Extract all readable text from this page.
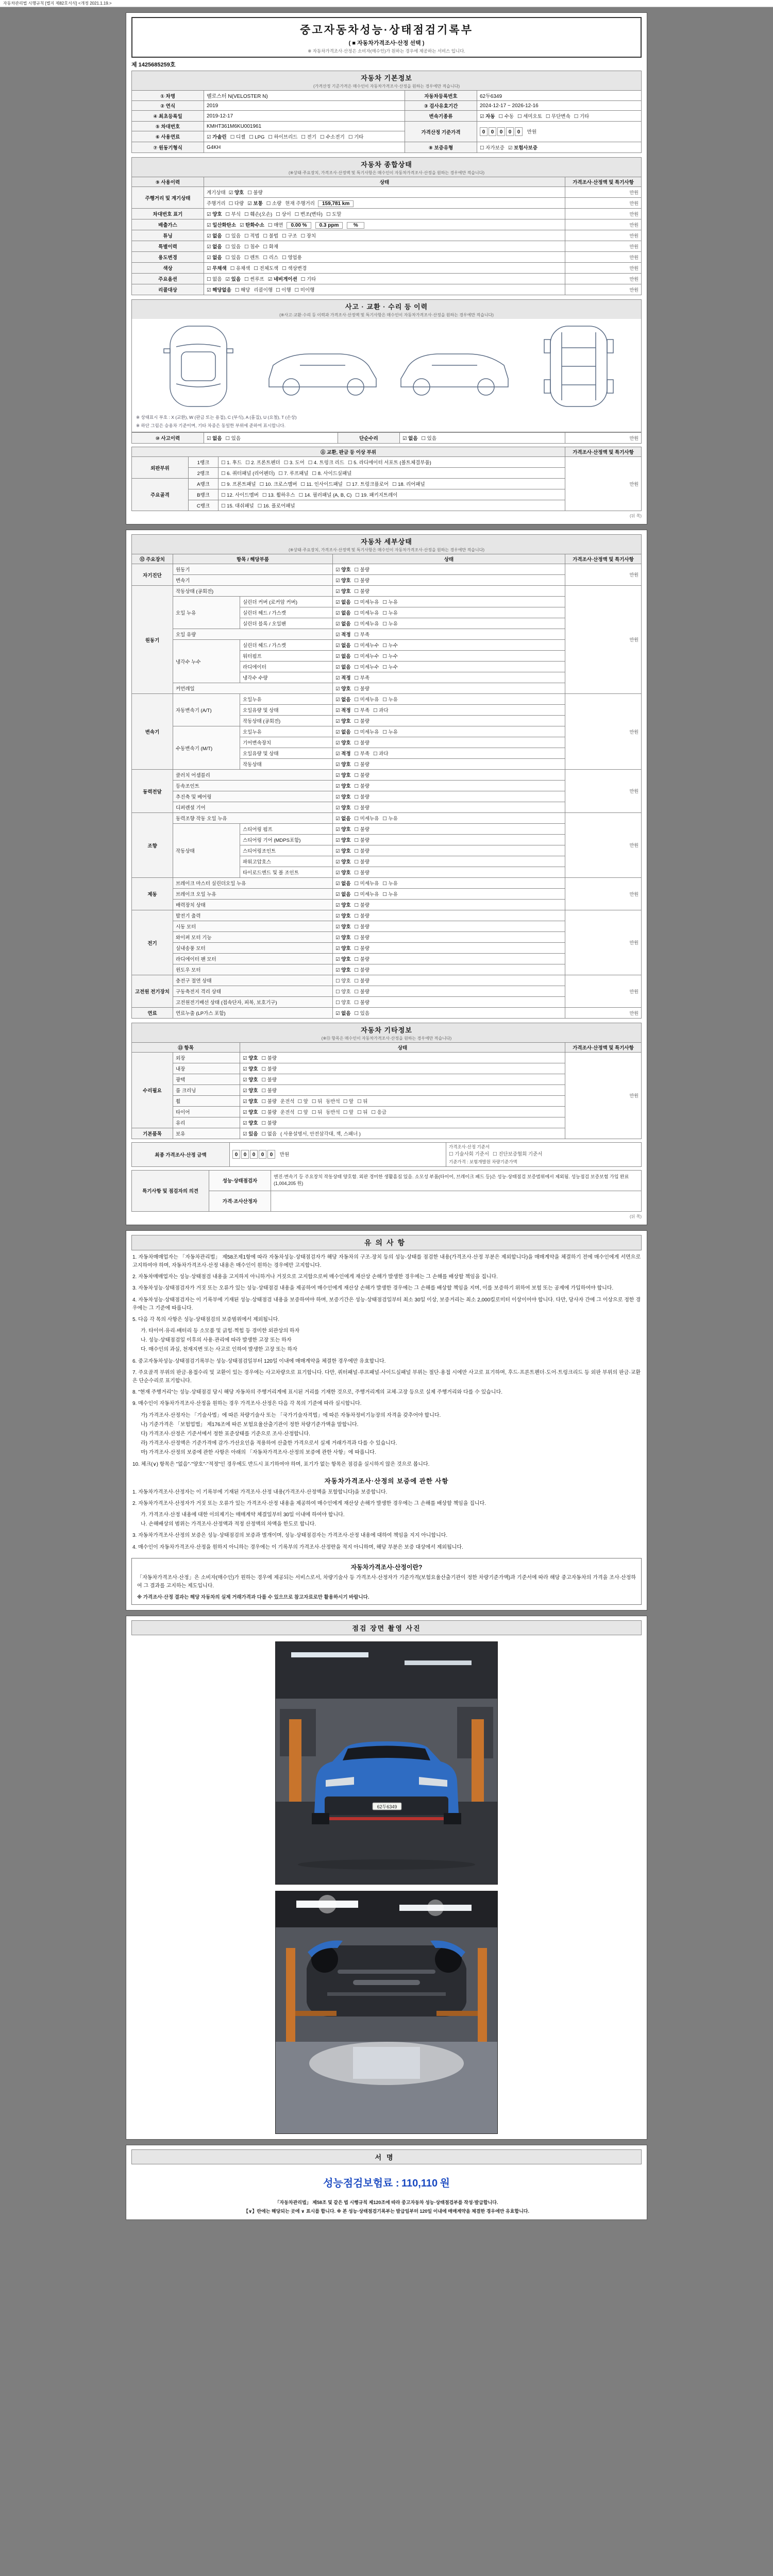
자동차관리법 시행규칙 [별지 제82호서식] <개정 2021.1.19.>
중고자동차성능·상태점검기록부
( ■ 자동차가격조사·산정 선택 )
※ 자동차가격조사·산정은 소비자(매수인)가 원하는 경우에 제공하는 서비스 입니다.
제 1425685259호
자동차 기본정보
(가격산정 기준가격은 매수인이 자동차가격조사·산정을 원하는 경우에만 적습니다)
① 차명	벨로스터 N(VELOSTER N)	자동차등록번호	62두6349
② 연식	2019	③ 검사유효기간	2024-12-17 ~ 2026-12-16
④ 최초등록일	2019-12-17	변속기종류	☑ 자동 ☐ 수동 ☐ 세미오토 ☐ 무단변속 ☐ 기타
⑤ 차대번호	KMHT361M6KU001961	가격산정 기준가격	0 0 0 0 0 만원
⑥ 사용연료	☑ 가솔린 ☐ 디젤 ☐ LPG ☐ 하이브리드 ☐ 전기 ☐ 수소전기 ☐ 기타		
⑦ 원동기형식	G4KH	⑧ 보증유형	☐ 자가보증 ☑ 보험사보증
자동차 종합상태
(※상태·주요장치, 가격조사·산정액 및 특기사항은 매수인이 자동차가격조사·산정을 원하는 경우에만 적습니다)
⑨ 사용이력	상태	가격조사·산정액 및 특기사항
주행거리 및 계기상태	계기상태 ☑ 양호 ☐ 불량	만원
	주행거리 ☐ 다량 ☑ 보통 ☐ 소량 현재 주행거리 159,781 km	만원
차대번호 표기	☑ 양호 ☐ 부식 ☐ 훼손(오손) ☐ 상이 ☐ 변조(변타) ☐ 도말	만원
배출가스	☑ 일산화탄소 ☑ 탄화수소 ☐ 매연 0.00 % 0.3 ppm %	만원
튜닝	☑ 없음 ☐ 있음 ☐ 적법 ☐ 불법 ☐ 구조 ☐ 장치	만원
특별이력	☑ 없음 ☐ 있음 ☐ 침수 ☐ 화재	만원
용도변경	☑ 없음 ☐ 있음 ☐ 렌트 ☐ 리스 ☐ 영업용	만원
색상	☑ 무채색 ☐ 유채색 ☐ 전체도색 ☐ 색상변경	만원
주요옵션	☐ 없음 ☑ 있음 ☐ 썬루프 ☑ 네비게이션 ☐ 기타	만원
리콜대상	☑ 해당없음 ☐ 해당 리콜이행 ☐ 이행 ☐ 미이행	만원
사고 · 교환 · 수리 등 이력
(※사고·교환·수리 등 이력과 가격조사·산정액 및 특기사항은 매수인이 자동차가격조사·산정을 원하는 경우에만 적습니다)
※ 상태표시 부호 : X (교환), W (판금 또는 용접), C (부식), A (흠집), U (요철), T (손상)
※ 하단 그림은 승용차 기준이며, 기타 차종은 동일한 부위에 준하여 표시합니다.
⑩ 사고이력	☑ 없음 ☐ 있음	단순수리	☑ 없음 ☐ 있음	만원
⑪ 교환, 판금 등 이상 부위			가격조사·산정액 및 특기사항
외판부위	1랭크	☐ 1. 후드 ☐ 2. 프론트펜더 ☐ 3. 도어 ☐ 4. 트렁크 리드 ☐ 5. 라디에이터 서포트 (볼트체결부품)	만원
	2랭크	☐ 6. 쿼터패널 (리어펜더) ☐ 7. 루프패널 ☐ 8. 사이드실패널	
주요골격	A랭크	☐ 9. 프론트패널 ☐ 10. 크로스멤버 ☐ 11. 인사이드패널 ☐ 17. 트렁크플로어 ☐ 18. 리어패널	
	B랭크	☐ 12. 사이드멤버 ☐ 13. 휠하우스 ☐ 14. 필러패널 (A, B, C) ☐ 19. 패키지트레이	
	C랭크	☐ 15. 대쉬패널 ☐ 16. 플로어패널	
(뒤 쪽)
자동차 세부상태
(※상태·주요장치, 가격조사·산정액 및 특기사항은 매수인이 자동차가격조사·산정을 원하는 경우에만 적습니다)
⑫ 주요장치	항목 / 해당부품		상태	가격조사·산정액 및 특기사항
자기진단	원동기		☑ 양호 ☐ 불량	만원
	변속기		☑ 양호 ☐ 불량	
원동기	작동상태 (공회전)		☑ 양호 ☐ 불량	만원
	오일 누유	실린더 커버 (로커암 커버)	☑ 없음 ☐ 미세누유 ☐ 누유	
		실린더 헤드 / 가스켓	☑ 없음 ☐ 미세누유 ☐ 누유	
		실린더 블록 / 오일팬	☑ 없음 ☐ 미세누유 ☐ 누유	
	오일 유량		☑ 적정 ☐ 부족	
	냉각수 누수	실린더 헤드 / 가스켓	☑ 없음 ☐ 미세누수 ☐ 누수	
		워터펌프	☑ 없음 ☐ 미세누수 ☐ 누수	
		라디에이터	☑ 없음 ☐ 미세누수 ☐ 누수	
		냉각수 수량	☑ 적정 ☐ 부족	
	커먼레일		☑ 양호 ☐ 불량	
변속기	자동변속기 (A/T)	오일누유	☑ 없음 ☐ 미세누유 ☐ 누유	만원
		오일유량 및 상태	☑ 적정 ☐ 부족 ☐ 과다	
		작동상태 (공회전)	☑ 양호 ☐ 불량	
	수동변속기 (M/T)	오일누유	☑ 없음 ☐ 미세누유 ☐ 누유	
		기어변속장치	☑ 양호 ☐ 불량	
		오일유량 및 상태	☑ 적정 ☐ 부족 ☐ 과다	
		작동상태	☑ 양호 ☐ 불량	
동력전달	클러치 어셈블리		☑ 양호 ☐ 불량	만원
	등속조인트		☑ 양호 ☐ 불량	
	추진축 및 베어링		☑ 양호 ☐ 불량	
	디퍼렌셜 기어		☑ 양호 ☐ 불량	
조향	동력조향 작동 오일 누유		☑ 없음 ☐ 미세누유 ☐ 누유	만원
	작동상태	스티어링 펌프	☑ 양호 ☐ 불량	
		스티어링 기어 (MDPS포함)	☑ 양호 ☐ 불량	
		스티어링조인트	☑ 양호 ☐ 불량	
		파워고압호스	☑ 양호 ☐ 불량	
		타이로드엔드 및 볼 조인트	☑ 양호 ☐ 불량	
제동	브레이크 마스터 실린더오일 누유		☑ 없음 ☐ 미세누유 ☐ 누유	만원
	브레이크 오일 누유		☑ 없음 ☐ 미세누유 ☐ 누유	
	배력장치 상태		☑ 양호 ☐ 불량	
전기	발전기 출력		☑ 양호 ☐ 불량	만원
	시동 모터		☑ 양호 ☐ 불량	
	와이퍼 모터 기능		☑ 양호 ☐ 불량	
	실내송풍 모터		☑ 양호 ☐ 불량	
	라디에이터 팬 모터		☑ 양호 ☐ 불량	
	윈도우 모터		☑ 양호 ☐ 불량	
고전원 전기장치	충전구 절연 상태		☐ 양호 ☐ 불량	만원
	구동축전지 격리 상태		☐ 양호 ☐ 불량	
	고전원전기배선 상태 (접속단자, 피복, 보호기구)		☐ 양호 ☐ 불량	
연료	연료누출 (LP가스 포함)		☑ 없음 ☐ 있음	만원
자동차 기타정보
(※⑬ 항목은 매수인이 자동차가격조사·산정을 원하는 경우에만 적습니다)
⑬ 항목		상태	가격조사·산정액 및 특기사항
수리필요	외장	☑ 양호 ☐ 불량	만원
	내장	☑ 양호 ☐ 불량	
	광택	☑ 양호 ☐ 불량	
	룸 크리닝	☑ 양호 ☐ 불량	
	휠	☑ 양호 ☐ 불량 운전석 ☐ 앞 ☐ 뒤 동반석 ☐ 앞 ☐ 뒤	
	타이어	☑ 양호 ☐ 불량 운전석 ☐ 앞 ☐ 뒤 동반석 ☐ 앞 ☐ 뒤 ☐ 응급	
	유리	☑ 양호 ☐ 불량	
기본품목	보유	☑ 있음 ☐ 없음 ( 사용설명서, 안전삼각대, 잭, 스패너 )	
최종 가격조사·산정 금액	0 0 0 0 0 만원	
가격조사·산정 기준서
☐ 기술사회 기준서 ☐ 진단보증협회 기준서
기준가격 : 보험개발원 차량기준가액
특기사항 및 점검자의 의견	성능·상태점검자	엔진·변속기 등 주요장치 작동상태 양호함. 외판 경미한 생활흠집 있음. 소모성 부품(타이어, 브레이크 패드 등)은 성능·상태점검 보증범위에서 제외됨. 성능점검 보증보험 가입 완료 (1,004,205 원)
	가격·조사산정자	
(뒤 쪽)
유의사항

1. 자동차매매업자는 「자동차관리법」 제58조제1항에 따라 자동차성능·상태점검자가 해당 자동차의 구조·장치 등의 성능·상태를 점검한 내용(가격조사·산정 부분은 제외합니다)을 매매계약을 체결하기 전에 매수인에게 서면으로 고지하여야 하며, 자동차가격조사·산정 내용은 매수인이 원하는 경우에만 고지합니다.

2. 자동차매매업자는 성능·상태점검 내용을 고지하지 아니하거나 거짓으로 고지함으로써 매수인에게 재산상 손해가 발생한 경우에는 그 손해를 배상할 책임을 집니다.

3. 자동차성능·상태점검자가 거짓 또는 오류가 있는 성능·상태점검 내용을 제공하여 매수인에게 재산상 손해가 발생한 경우에는 그 손해를 배상할 책임을 지며, 이를 보증하기 위하여 보험 또는 공제에 가입하여야 합니다.

4. 자동차성능·상태점검자는 이 기록부에 기재된 성능·상태점검 내용을 보증하여야 하며, 보증기간은 성능·상태점검일부터 최소 30일 이상, 보증거리는 최소 2,000킬로미터 이상이어야 합니다. 다만, 당사자 간에 그 이상으로 정한 경우에는 그 기준에 따릅니다.

5. 다음 각 목의 사항은 성능·상태점검의 보증범위에서 제외됩니다.

가. 타이어·유리·배터리 등 소모품 및 긁힘·찍힘 등 경미한 외관상의 하자

나. 성능·상태점검일 이후의 사용·관리에 따라 발생한 고장 또는 하자

다. 매수인의 과실, 천재지변 또는 사고로 인하여 발생한 고장 또는 하자

6. 중고자동차성능·상태점검기록부는 성능·상태점검일부터 120일 이내에 매매계약을 체결한 경우에만 유효합니다.

7. 주요골격 부위의 판금·용접수리 및 교환이 있는 경우에는 사고차량으로 표기합니다. 다만, 쿼터패널·루프패널·사이드실패널 부위는 절단·용접 시에만 사고로 표기하며, 후드·프론트펜더·도어·트렁크리드 등 외판 부위의 판금·교환은 단순수리로 표기합니다.

8. "현재 주행거리"는 성능·상태점검 당시 해당 자동차의 주행거리계에 표시된 거리를 기재한 것으로, 주행거리계의 교체·고장 등으로 실제 주행거리와 다를 수 있습니다.

9. 매수인이 자동차가격조사·산정을 원하는 경우 가격조사·산정은 다음 각 목의 기준에 따라 실시합니다.

가) 가격조사·산정자는 「기술사법」에 따른 차량기술사 또는 「국가기술자격법」에 따른 자동차정비기능장의 자격을 갖추어야 합니다.

나) 기준가격은 「보험업법」 제176조에 따른 보험요율산출기관이 정한 차량기준가액을 말합니다.

다) 가격조사·산정은 기준서에서 정한 표준상태를 기준으로 조사·산정합니다.

라) 가격조사·산정액은 기준가격에 감가·가산요인을 적용하여 산출한 가격으로서 실제 거래가격과 다를 수 있습니다.

마) 가격조사·산정의 보증에 관한 사항은 아래의 「자동차가격조사·산정의 보증에 관한 사항」에 따릅니다.

10. 체크(∨) 항목은 "없음"·"양호"·"적정"인 경우에도 반드시 표기하여야 하며, 표기가 없는 항목은 점검을 실시하지 않은 것으로 봅니다.

자동차가격조사·산정의 보증에 관한 사항

1. 자동차가격조사·산정자는 이 기록부에 기재된 가격조사·산정 내용(가격조사·산정액을 포함합니다)을 보증합니다.

2. 자동차가격조사·산정자가 거짓 또는 오류가 있는 가격조사·산정 내용을 제공하여 매수인에게 재산상 손해가 발생한 경우에는 그 손해를 배상할 책임을 집니다.

가. 가격조사·산정 내용에 대한 이의제기는 매매계약 체결일부터 30일 이내에 하여야 합니다.

나. 손해배상의 범위는 가격조사·산정액과 적정 산정액의 차액을 한도로 합니다.

3. 자동차가격조사·산정의 보증은 성능·상태점검의 보증과 별개이며, 성능·상태점검자는 가격조사·산정 내용에 대하여 책임을 지지 아니합니다.

4. 매수인이 자동차가격조사·산정을 원하지 아니하는 경우에는 이 기록부의 가격조사·산정란을 적지 아니하며, 해당 부분은 보증 대상에서 제외됩니다.

자동차가격조사·산정이란?
「자동차가격조사·산정」은 소비자(매수인)가 원하는 경우에 제공되는 서비스로서, 차량기술사 등 가격조사·산정자가 기준가격(보험요율산출기관이 정한 차량기준가액)과 기준서에 따라 해당 중고자동차의 가격을 조사·산정하여 그 결과를 고지하는 제도입니다.
※ 가격조사·산정 결과는 해당 자동차의 실제 거래가격과 다를 수 있으므로 참고자료로만 활용하시기 바랍니다.
점검 장면 촬영 사진
62두6349
서명
성능점검보험료 : 110,110 원
「자동차관리법」 제58조 및 같은 법 시행규칙 제120조에 따라 중고자동차 성능·상태점검부를 작성·발급합니다.
【∨】란에는 해당되는 곳에 ∨ 표시를 합니다. ※ 본 성능·상태점검기록부는 발급일부터 120일 이내에 매매계약을 체결한 경우에만 유효합니다.
